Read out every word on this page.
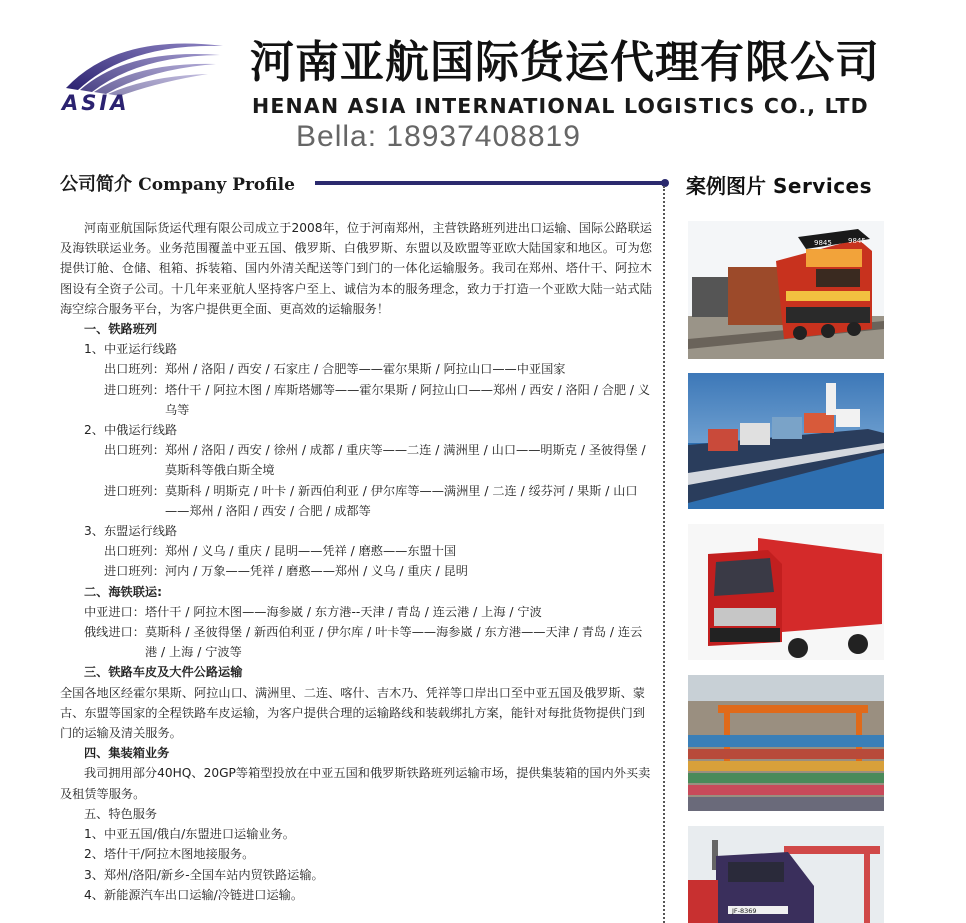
ASIA
河南亚航国际货运代理有限公司
HENAN ASIA INTERNATIONAL LOGISTICS CO., LTD
Bella: 18937408819
公司简介 Company Profile	案例图片 Services

河南亚航国际货运代理有限公司成立于2008年，位于河南郑州，主营铁路班列进出口运输、国际公路联运及海铁联运业务。业务范围覆盖中亚五国、俄罗斯、白俄罗斯、东盟以及欧盟等亚欧大陆国家和地区。可为您提供订舱、仓储、租箱、拆装箱、国内外清关配送等门到门的一体化运输服务。我司在郑州、塔什干、阿拉木图设有全资子公司。十几年来亚航人坚持客户至上、诚信为本的服务理念，致力于打造一个亚欧大陆一站式陆海空综合服务平台，为客户提供更全面、更高效的运输服务！

一、铁路班列

1、中亚运行线路

出口班列： 郑州 / 洛阳 / 西安 / 石家庄 / 合肥等——霍尔果斯 / 阿拉山口——中亚国家
进口班列： 塔什干 / 阿拉木图 / 库斯塔娜等——霍尔果斯 / 阿拉山口——郑州 / 西安 / 洛阳 / 合肥 / 义乌等

2、中俄运行线路

出口班列： 郑州 / 洛阳 / 西安 / 徐州 / 成都 / 重庆等——二连 / 满洲里 / 山口——明斯克 / 圣彼得堡 / 莫斯科等俄白斯全境
进口班列： 莫斯科 / 明斯克 / 叶卡 / 新西伯利亚 / 伊尔库等——满洲里 / 二连 / 绥芬河 / 果斯 / 山口——郑州 / 洛阳 / 西安 / 合肥 / 成都等

3、东盟运行线路

出口班列： 郑州 / 义乌 / 重庆 / 昆明——凭祥 / 磨憨——东盟十国
进口班列： 河内 / 万象——凭祥 / 磨憨——郑州 / 义乌 / 重庆 / 昆明

二、海铁联运:

中亚进口： 塔什干 / 阿拉木图——海参崴 / 东方港--天津 / 青岛 / 连云港 / 上海 / 宁波
俄线进口： 莫斯科 / 圣彼得堡 / 新西伯利亚 / 伊尔库 / 叶卡等——海参崴 / 东方港——天津 / 青岛 / 连云港 / 上海 / 宁波等

三、铁路车皮及大件公路运输

全国各地区经霍尔果斯、阿拉山口、满洲里、二连、喀什、吉木乃、凭祥等口岸出口至中亚五国及俄罗斯、蒙古、东盟等国家的全程铁路车皮运输，为客户提供合理的运输路线和装载绑扎方案，能针对每批货物提供门到门的运输及清关服务。

四、集装箱业务

我司拥用部分40HQ、20GP等箱型投放在中亚五国和俄罗斯铁路班列运输市场，提供集装箱的国内外买卖及租赁等服务。

五、特色服务

1、中亚五国/俄白/东盟进口运输业务。

2、塔什干/阿拉木图地接服务。

3、郑州/洛阳/新乡-全国车站内贸铁路运输。

4、新能源汽车出口运输/冷链进口运输。

9845 9845
JF-8369
